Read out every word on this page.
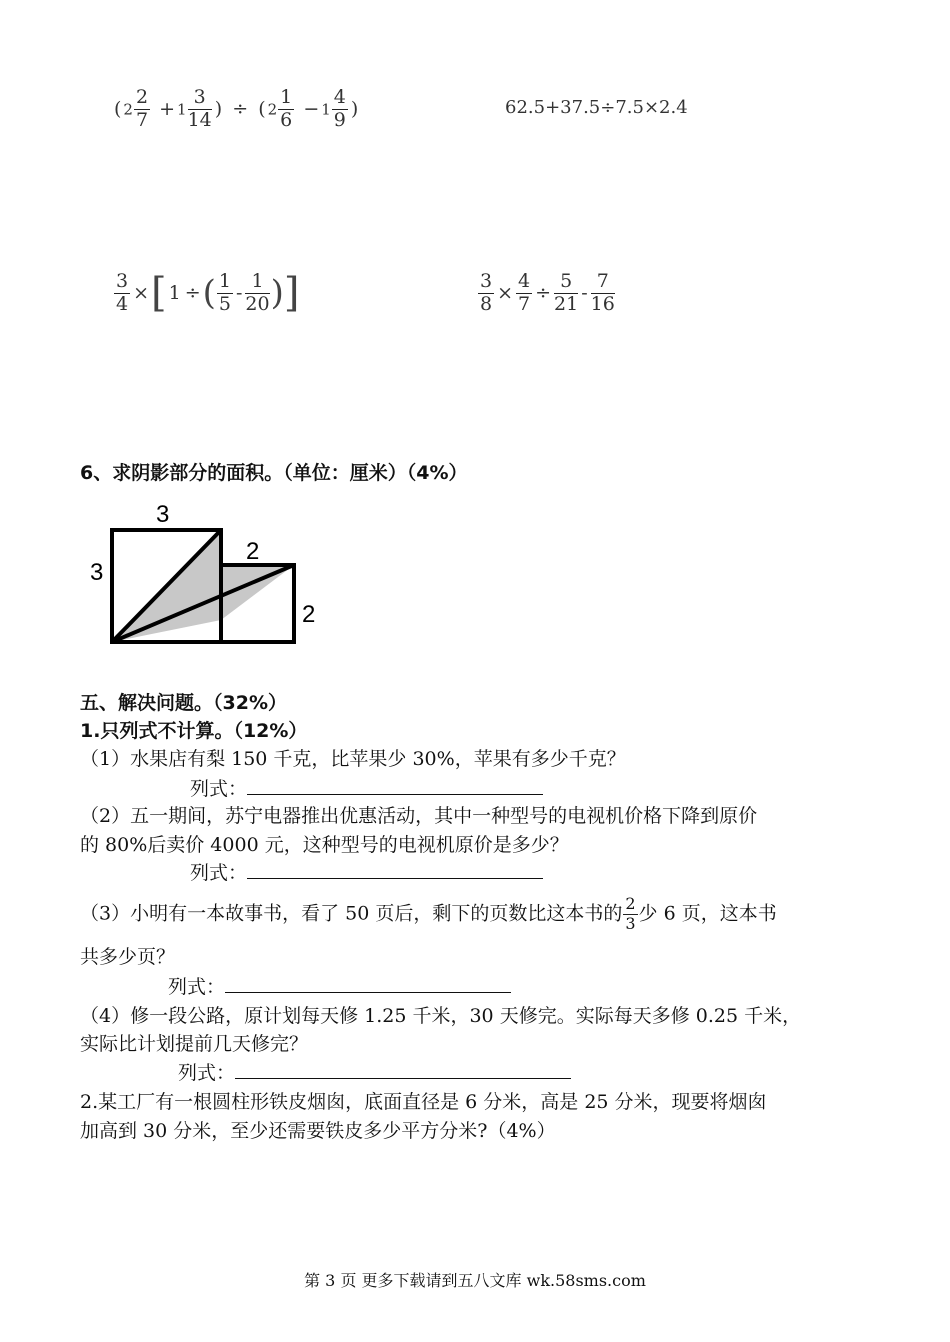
( $2 \frac{2}{7} + 1 \frac{3}{14}$ ) ÷ ( $2 \frac{1}{6} - 1 \frac{4}{9}$ )	62.5+37.5÷7.5×2.4
$\frac{3}{4}$ ×[ 1 ÷( $\frac{1}{5} - \frac{1}{20}$ )]	$\frac{3}{8} \times \frac{4}{7} \div \frac{5}{21} - \frac{7}{16}$
6、求阴影部分的面积。（单位：厘米）（4%）
3
3
2
2
五、解决问题。（32%）
1.只列式不计算。（12%）
（1）水果店有梨 150 千克，比苹果少 30%，苹果有多少千克？
列式：
（2）五一期间，苏宁电器推出优惠活动，其中一种型号的电视机价格下降到原价
的 80%后卖价 4000 元，这种型号的电视机原价是多少？
列式：
（3）小明有一本故事书，看了 50 页后，剩下的页数比这本书的 $\frac{2}{3}$ 少 6 页，这本书
共多少页？
列式：
（4）修一段公路，原计划每天修 1.25 千米，30 天修完。实际每天多修 0.25 千米，
实际比计划提前几天修完？
列式：
2.某工厂有一根圆柱形铁皮烟囱，底面直径是 6 分米，高是 25 分米，现要将烟囱
加高到 30 分米，至少还需要铁皮多少平方分米?（4%）
第 3 页 更多下载请到五八文库 wk.58sms.com
